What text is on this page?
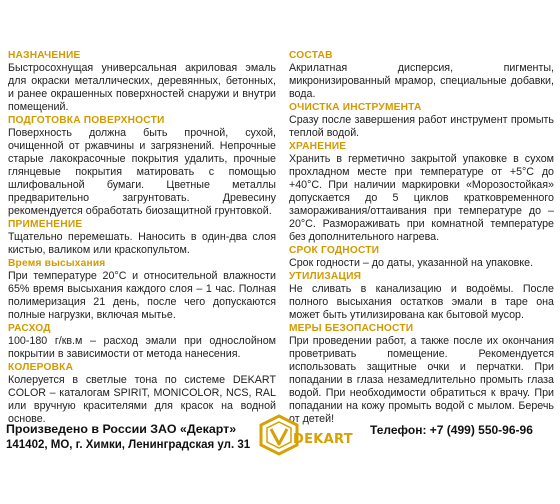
НАЗНАЧЕНИЕ

Быстросохнущая универсальная акриловая эмаль для окраски металлических, деревянных, бетонных, и ранее окрашенных поверхностей снаружи и внутри помещений.

ПОДГОТОВКА ПОВЕРХНОСТИ

Поверхность должна быть прочной, сухой, очищенной от ржавчины и загрязнений. Непрочные старые лакокрасочные покрытия удалить, прочные глянцевые покрытия матировать с помощью шлифовальной бумаги. Цветные металлы предварительно загрунтовать. Древесину рекомендуется обработать биозащитной грунтовкой.

ПРИМЕНЕНИЕ

Тщательно перемешать. Наносить в один-два слоя кистью, валиком или краскопультом.

Время высыхания

При температуре 20°С и относительной влажности 65% время высыхания каждого слоя – 1 час. Полная полимеризация 21 день, после чего допускаются полные нагрузки, включая мытье.

РАСХОД

100-180 г/кв.м – расход эмали при однослойном покрытии в зависимости от метода нанесения.

КОЛЕРОВКА

Колеруется в светлые тона по системе DEKART COLOR – каталогам SPIRIT, MONICOLOR, NCS, RAL или вручную красителями для красок на водной основе.

СОСТАВ

Акрилатная дисперсия, пигменты, микронизированный мрамор, специальные добавки, вода.

ОЧИСТКА ИНСТРУМЕНТА

Сразу после завершения работ инструмент промыть теплой водой.

ХРАНЕНИЕ

Хранить в герметично закрытой упаковке в сухом прохладном месте при температуре от +5°С до +40°С. При наличии маркировки «Морозостойкая» допускается до 5 циклов кратковременного замораживания/оттаивания при температуре до – 20°С. Размораживать при комнатной температуре без дополнительного нагрева.

СРОК ГОДНОСТИ

Срок годности – до даты, указанной на упаковке.

УТИЛИЗАЦИЯ

Не сливать в канализацию и водоёмы. После полного высыхания остатков эмали в таре она может быть утилизирована как бытовой мусор.

МЕРЫ БЕЗОПАСНОСТИ

При проведении работ, а также после их окончания проветривать помещение. Рекомендуется использовать защитные очки и перчатки. При попадании в глаза незамедлительно промыть глаза водой. При необходимости обратиться к врачу. При попадании на кожу промыть водой с мылом. Беречь от детей!

Произведено в России ЗАО «Декарт»
141402, МО, г. Химки, Ленинградская ул. 31	DEKART
Телефон: +7 (499) 550-96-96
